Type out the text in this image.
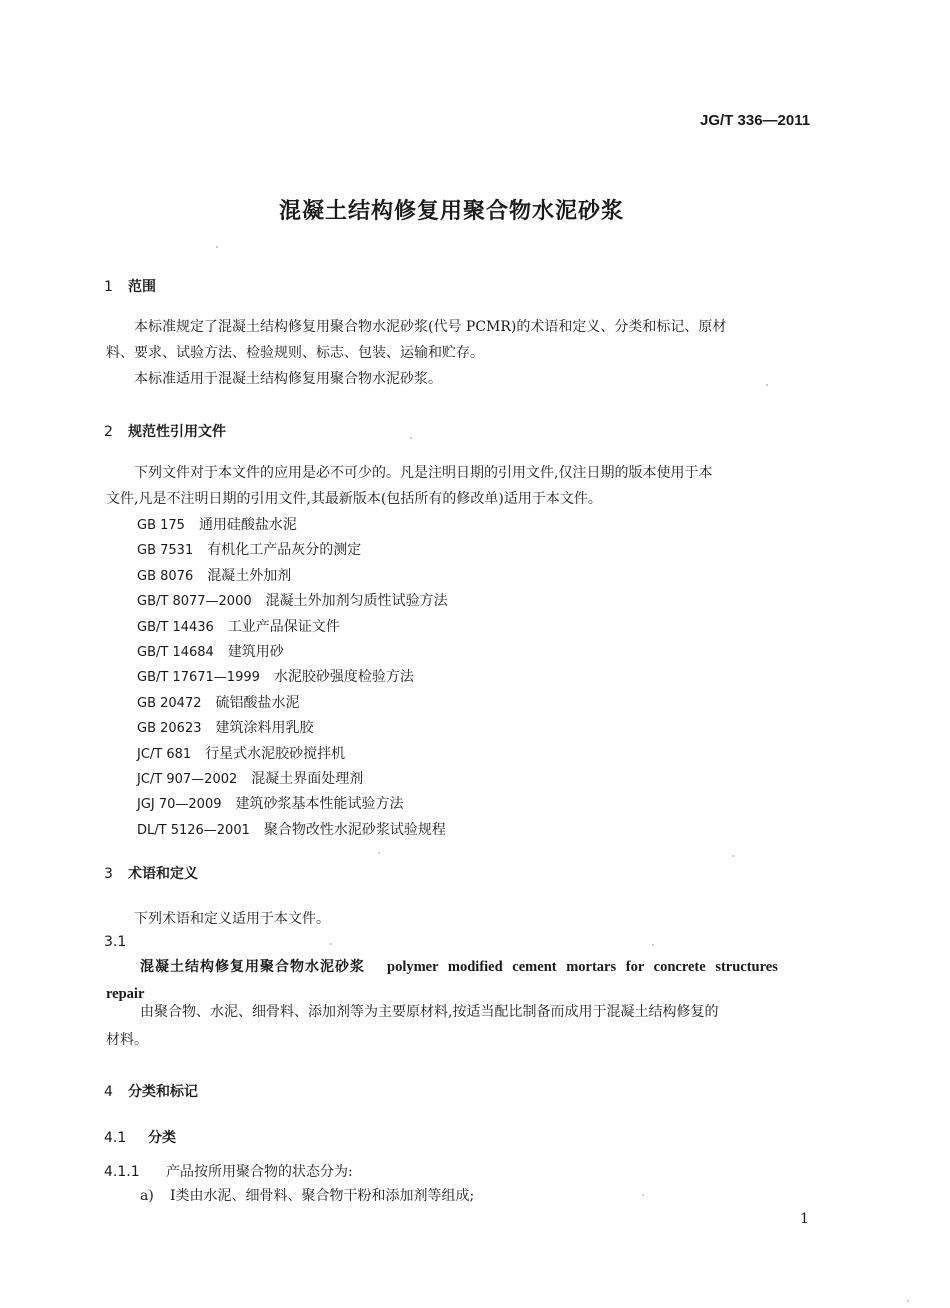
JG/T 336—2011
混凝土结构修复用聚合物水泥砂浆
1 范围
本标准规定了混凝土结构修复用聚合物水泥砂浆(代号 PCMR)的术语和定义、分类和标记、原材
料、要求、试验方法、检验规则、标志、包装、运输和贮存。
本标准适用于混凝土结构修复用聚合物水泥砂浆。
2 规范性引用文件
下列文件对于本文件的应用是必不可少的。凡是注明日期的引用文件,仅注日期的版本使用于本
文件,凡是不注明日期的引用文件,其最新版本(包括所有的修改单)适用于本文件。
GB 175 通用硅酸盐水泥
GB 7531 有机化工产品灰分的测定
GB 8076 混凝土外加剂
GB/T 8077—2000 混凝土外加剂匀质性试验方法
GB/T 14436 工业产品保证文件
GB/T 14684 建筑用砂
GB/T 17671—1999 水泥胶砂强度检验方法
GB 20472 硫铝酸盐水泥
GB 20623 建筑涂料用乳胶
JC/T 681 行星式水泥胶砂搅拌机
JC/T 907—2002 混凝土界面处理剂
JGJ 70—2009 建筑砂浆基本性能试验方法
DL/T 5126—2001 聚合物改性水泥砂浆试验规程
3 术语和定义
下列术语和定义适用于本文件。
3.1
混凝土结构修复用聚合物水泥砂浆 polymer modified cement mortars for concrete structures
repair
由聚合物、水泥、细骨料、添加剂等为主要原材料,按适当配比制备而成用于混凝土结构修复的
材料。
4 分类和标记
4.1 分类
4.1.1 产品按所用聚合物的状态分为:
a) Ⅰ类由水泥、细骨料、聚合物干粉和添加剂等组成;
1
